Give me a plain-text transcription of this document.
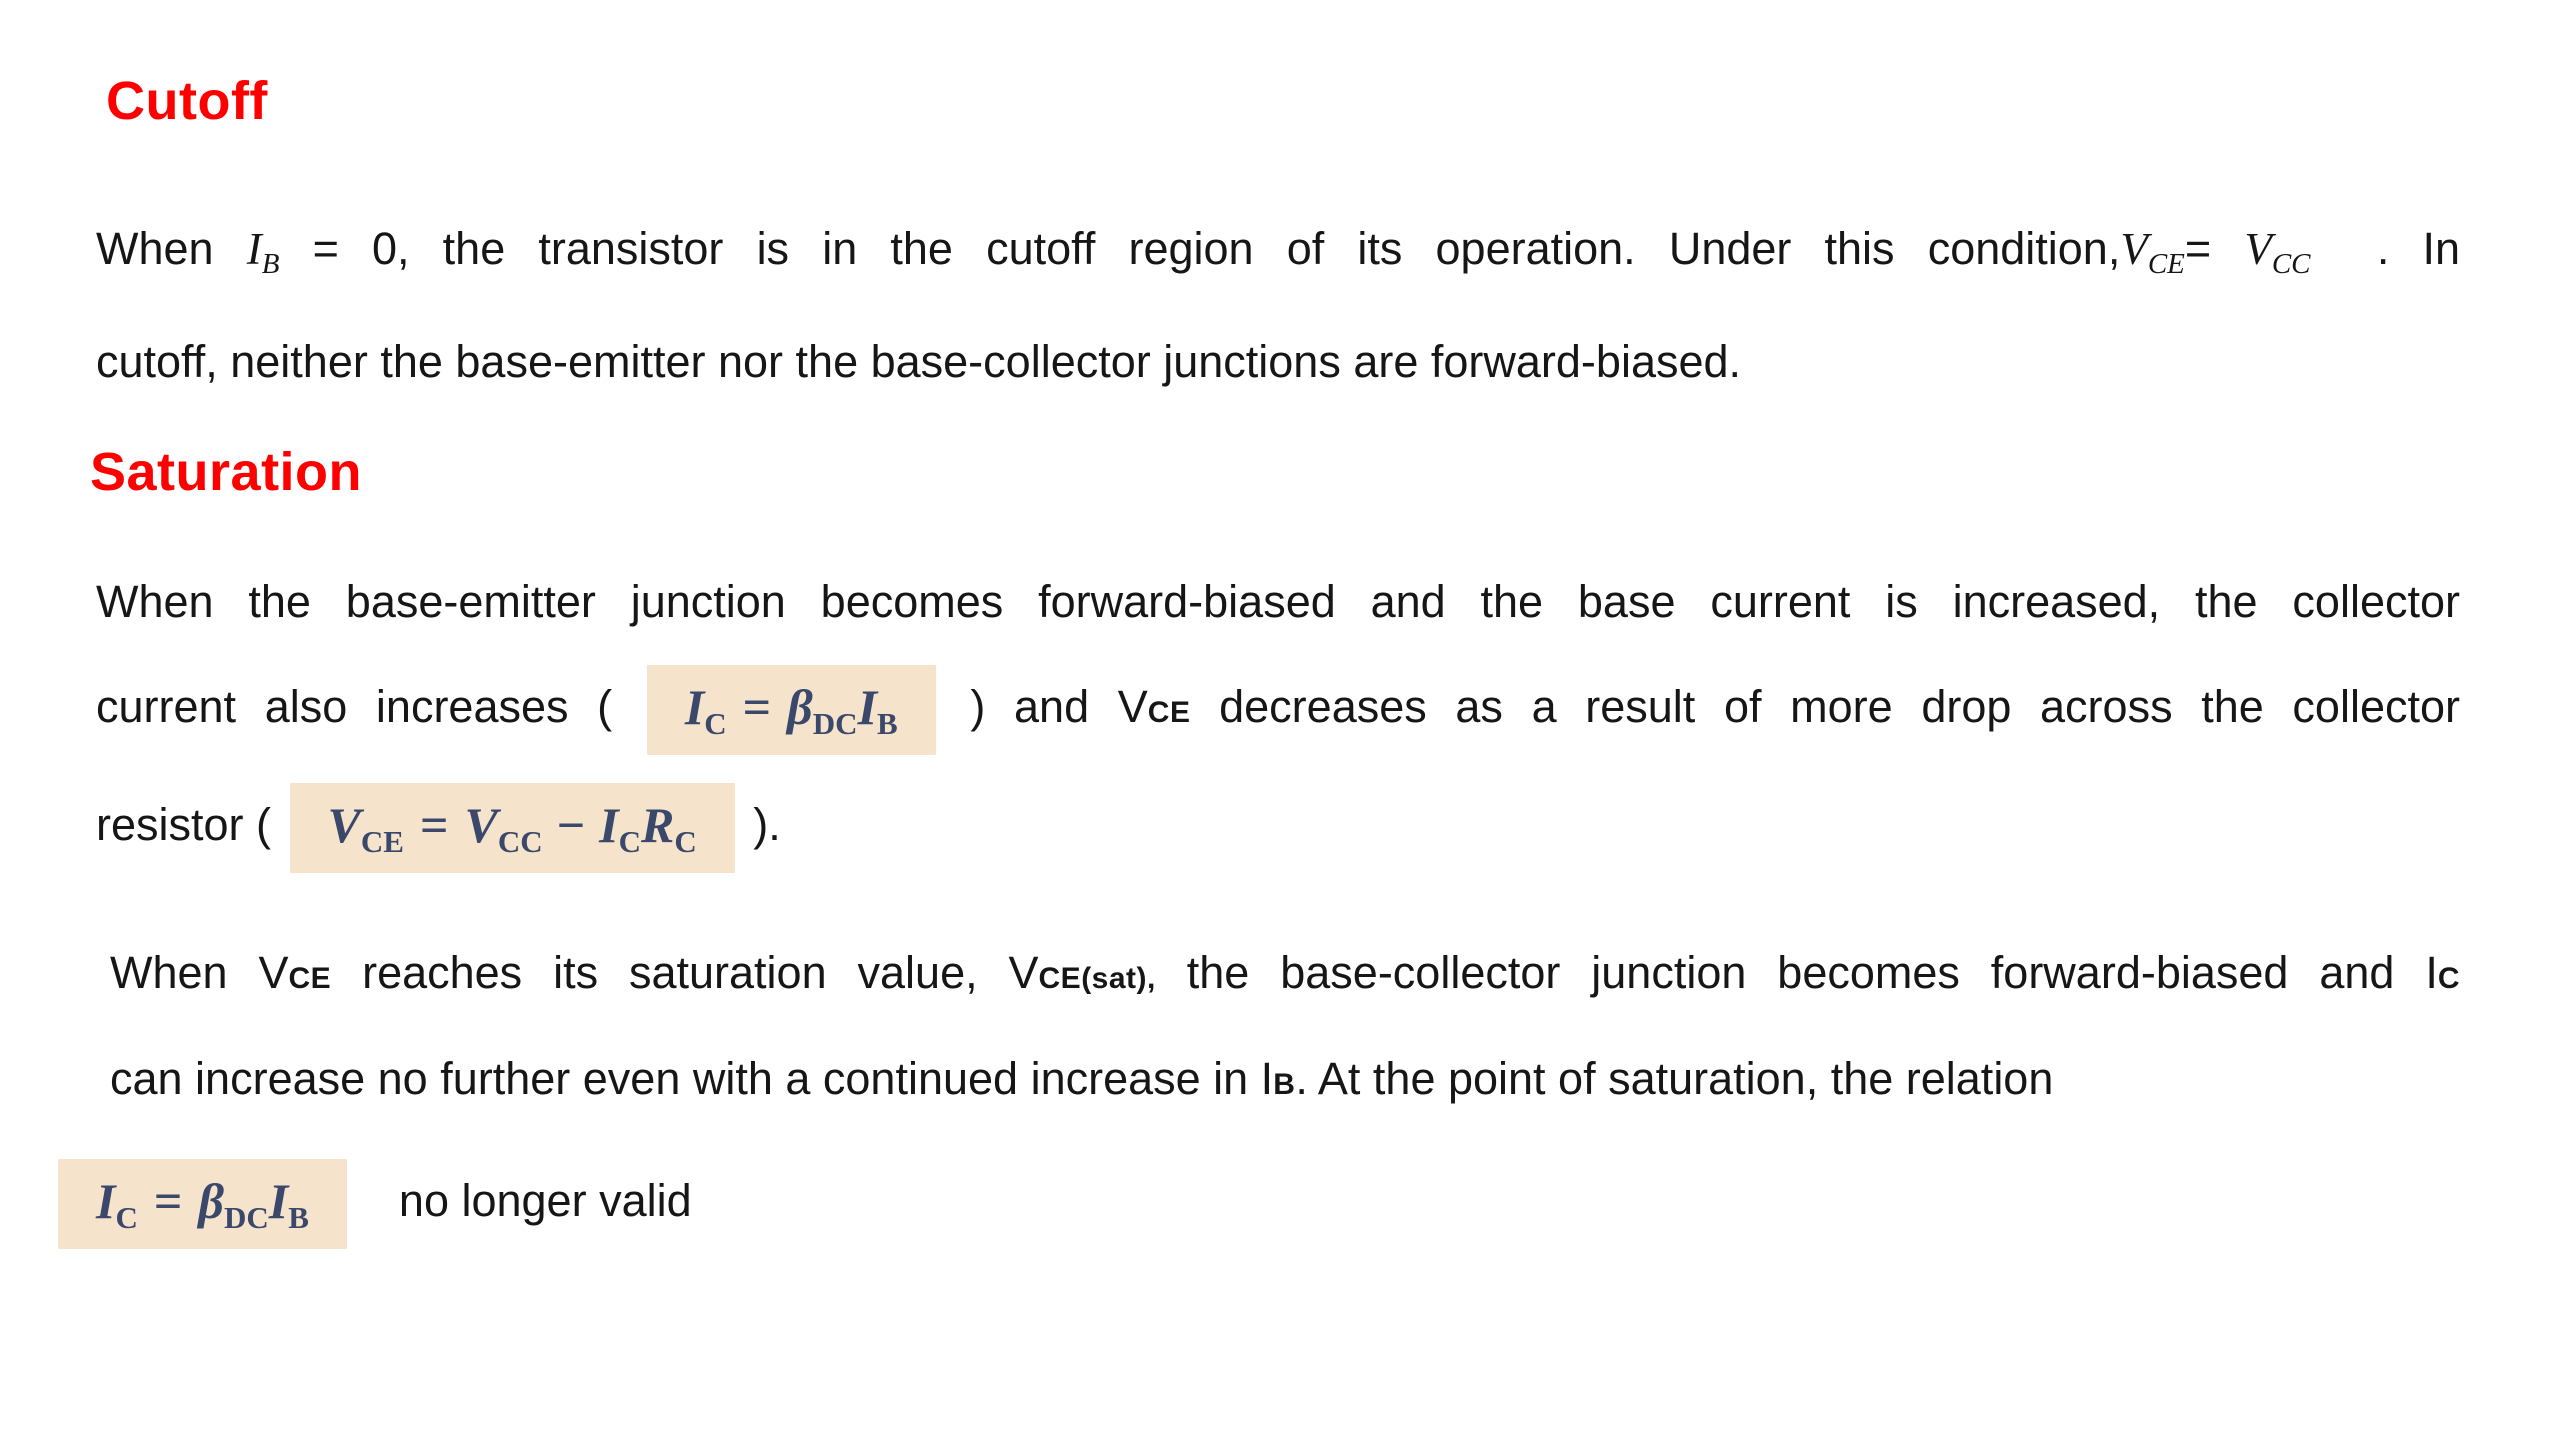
Cutoff
When $I_B = 0$, the transistor is in the cutoff region of its operation. Under this $condition,V_{CE}= V_{CC}$  . In
cutoff, neither the base-emitter nor the base-collector junctions are forward-biased.
Saturation
When the base-emitter junction becomes forward-biased and the base current is increased, the collector
current also increases ( $I_C = \beta_{DC}I_B$ ) and VCE decreases as a result of more drop across the collector
resistor ( $V_{CE} = V_{CC} - I_CR_C$ ).
When VCE reaches its saturation value, VCE(sat), the base-collector junction becomes forward-biased and IC
can increase no further even with a continued increase in IB. At the point of saturation, the relation
$I_C = \beta_{DC}I_B$ no longer valid
